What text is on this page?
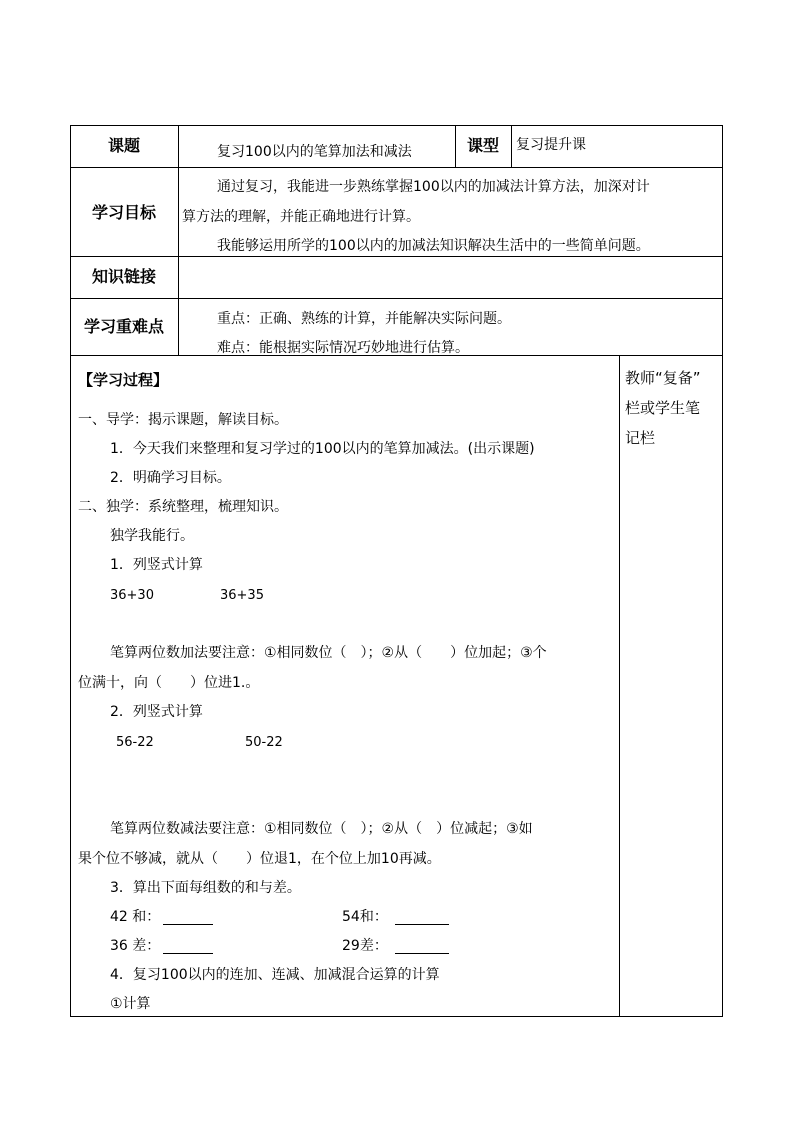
课题	复习100以内的笔算加法和减法	课型	复习提升课
学习目标
通过复习，我能进一步熟练掌握100以内的加减法计算方法，加深对计
算方法的理解，并能正确地进行计算。
我能够运用所学的100以内的加减法知识解决生活中的一些简单问题。
知识链接
学习重难点	重点：正确、熟练的计算，并能解决实际问题。
难点：能根据实际情况巧妙地进行估算。
【学习过程】
一、导学：揭示课题，解读目标。
1．今天我们来整理和复习学过的100以内的笔算加减法。(出示课题)
2．明确学习目标。
二、独学：系统整理，梳理知识。
独学我能行。
1．列竖式计算
36+30	36+35
笔算两位数加法要注意：①相同数位（　）；②从（　　）位加起；③个
位满十，向（　　）位进1.。
2．列竖式计算
56-22	50-22
笔算两位数减法要注意：①相同数位（　）；②从（　）位减起；③如
果个位不够减，就从（　　）位退1，在个位上加10再减。
3．算出下面每组数的和与差。
42 和：	54和：
36 差：	29差：
4．复习100以内的连加、连减、加减混合运算的计算
①计算
教师“复备”
栏或学生笔
记栏
